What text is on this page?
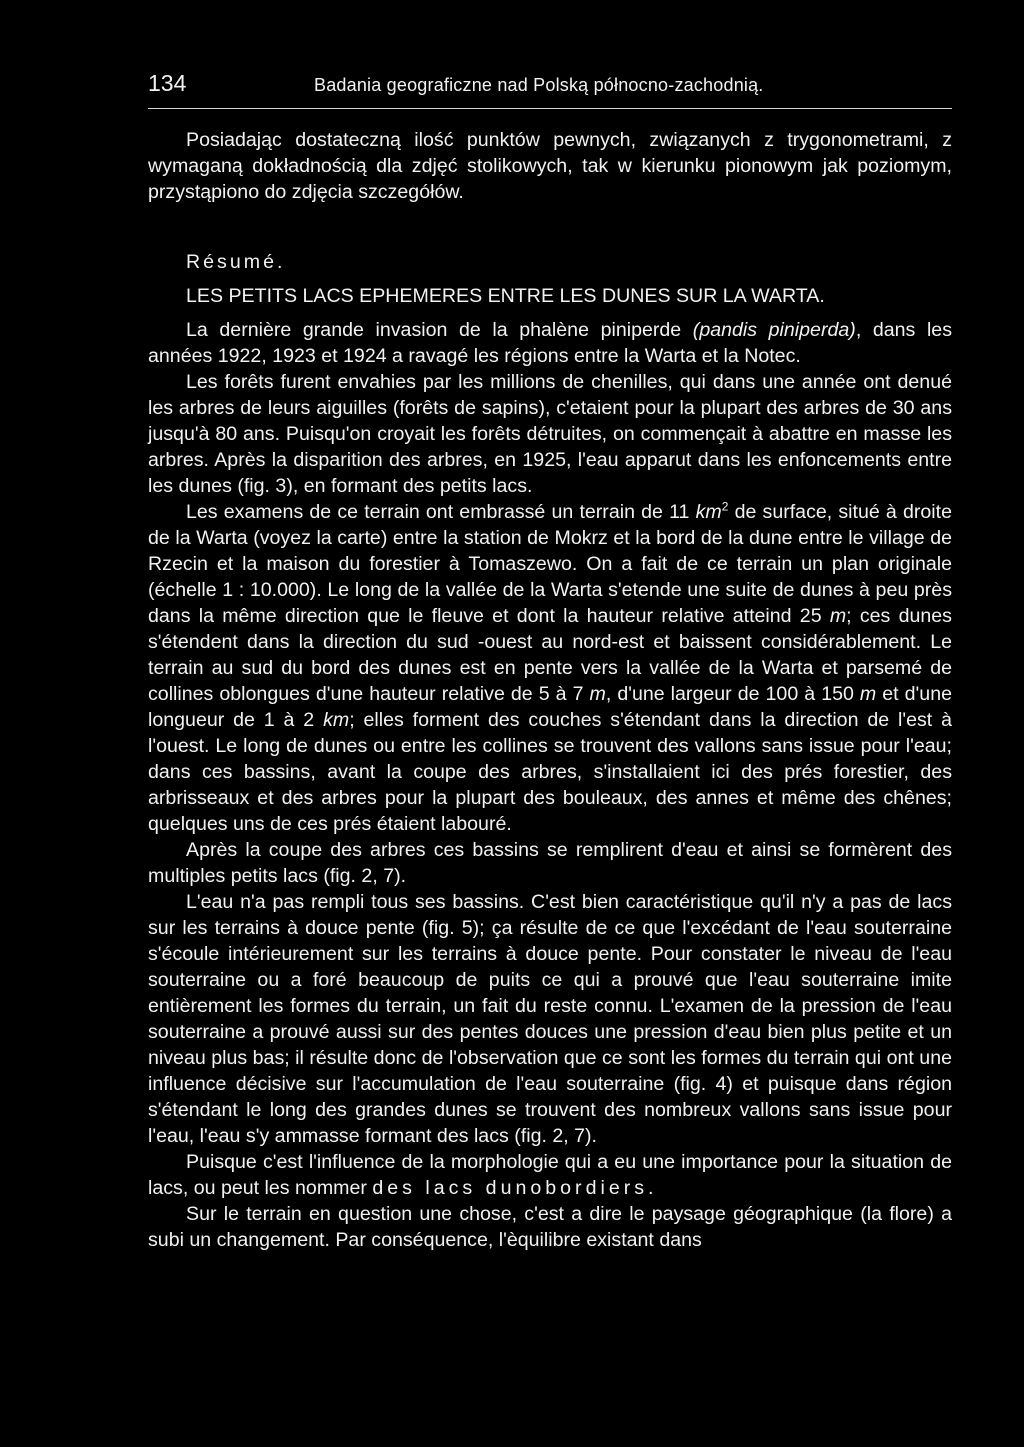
134	Badania geograficzne nad Polską północno-zachodnią.

Posiadając dostateczną ilość punktów pewnych, związanych z trygonometrami, z wymaganą dokładnością dla zdjęć stolikowych, tak w kierunku pionowym jak poziomym, przystąpiono do zdjęcia szczegółów.

Résumé.
LES PETITS LACS EPHEMERES ENTRE LES DUNES SUR LA WARTA.

La dernière grande invasion de la phalène piniperde (pandis piniperda), dans les années 1922, 1923 et 1924 a ravagé les régions entre la Warta et la Notec.

Les forêts furent envahies par les millions de chenilles, qui dans une année ont denué les arbres de leurs aiguilles (forêts de sapins), c'etaient pour la plupart des arbres de 30 ans jusqu'à 80 ans. Puisqu'on croyait les forêts détruites, on commençait à abattre en masse les arbres. Après la disparition des arbres, en 1925, l'eau apparut dans les enfoncements entre les dunes (fig. 3), en formant des petits lacs.

Les examens de ce terrain ont embrassé un terrain de 11 $km^2$ de surface, situé à droite de la Warta (voyez la carte) entre la station de Mokrz et la bord de la dune entre le village de Rzecin et la maison du forestier à Tomaszewo. On a fait de ce terrain un plan originale (échelle 1 : 10.000). Le long de la vallée de la Warta s'etende une suite de dunes à peu près dans la même direction que le fleuve et dont la hauteur relative atteind 25 m; ces dunes s'étendent dans la direction du sud -ouest au nord-est et baissent considérablement. Le terrain au sud du bord des dunes est en pente vers la vallée de la Warta et parsemé de collines oblongues d'une hauteur relative de 5 à 7 m, d'une largeur de 100 à 150 m et d'une longueur de 1 à 2 km; elles forment des couches s'étendant dans la direction de l'est à l'ouest. Le long de dunes ou entre les collines se trouvent des vallons sans issue pour l'eau; dans ces bassins, avant la coupe des arbres, s'installaient ici des prés forestier, des arbrisseaux et des arbres pour la plupart des bouleaux, des annes et même des chênes; quelques uns de ces prés étaient labouré.

Après la coupe des arbres ces bassins se remplirent d'eau et ainsi se formèrent des multiples petits lacs (fig. 2, 7).

L'eau n'a pas rempli tous ses bassins. C'est bien caractéristique qu'il n'y a pas de lacs sur les terrains à douce pente (fig. 5); ça résulte de ce que l'excédant de l'eau souterraine s'écoule intérieurement sur les terrains à douce pente. Pour constater le niveau de l'eau souterraine ou a foré beaucoup de puits ce qui a prouvé que l'eau souterraine imite entièrement les formes du terrain, un fait du reste connu. L'examen de la pression de l'eau souterraine a prouvé aussi sur des pentes douces une pression d'eau bien plus petite et un niveau plus bas; il résulte donc de l'observation que ce sont les formes du terrain qui ont une influence décisive sur l'accumulation de l'eau souterraine (fig. 4) et puisque dans région s'étendant le long des grandes dunes se trouvent des nombreux vallons sans issue pour l'eau, l'eau s'y ammasse formant des lacs (fig. 2, 7).

Puisque c'est l'influence de la morphologie qui a eu une importance pour la situation de lacs, ou peut les nommer des lacs dunobordiers.

Sur le terrain en question une chose, c'est a dire le paysage géographique (la flore) a subi un changement. Par conséquence, l'èquilibre existant dans
